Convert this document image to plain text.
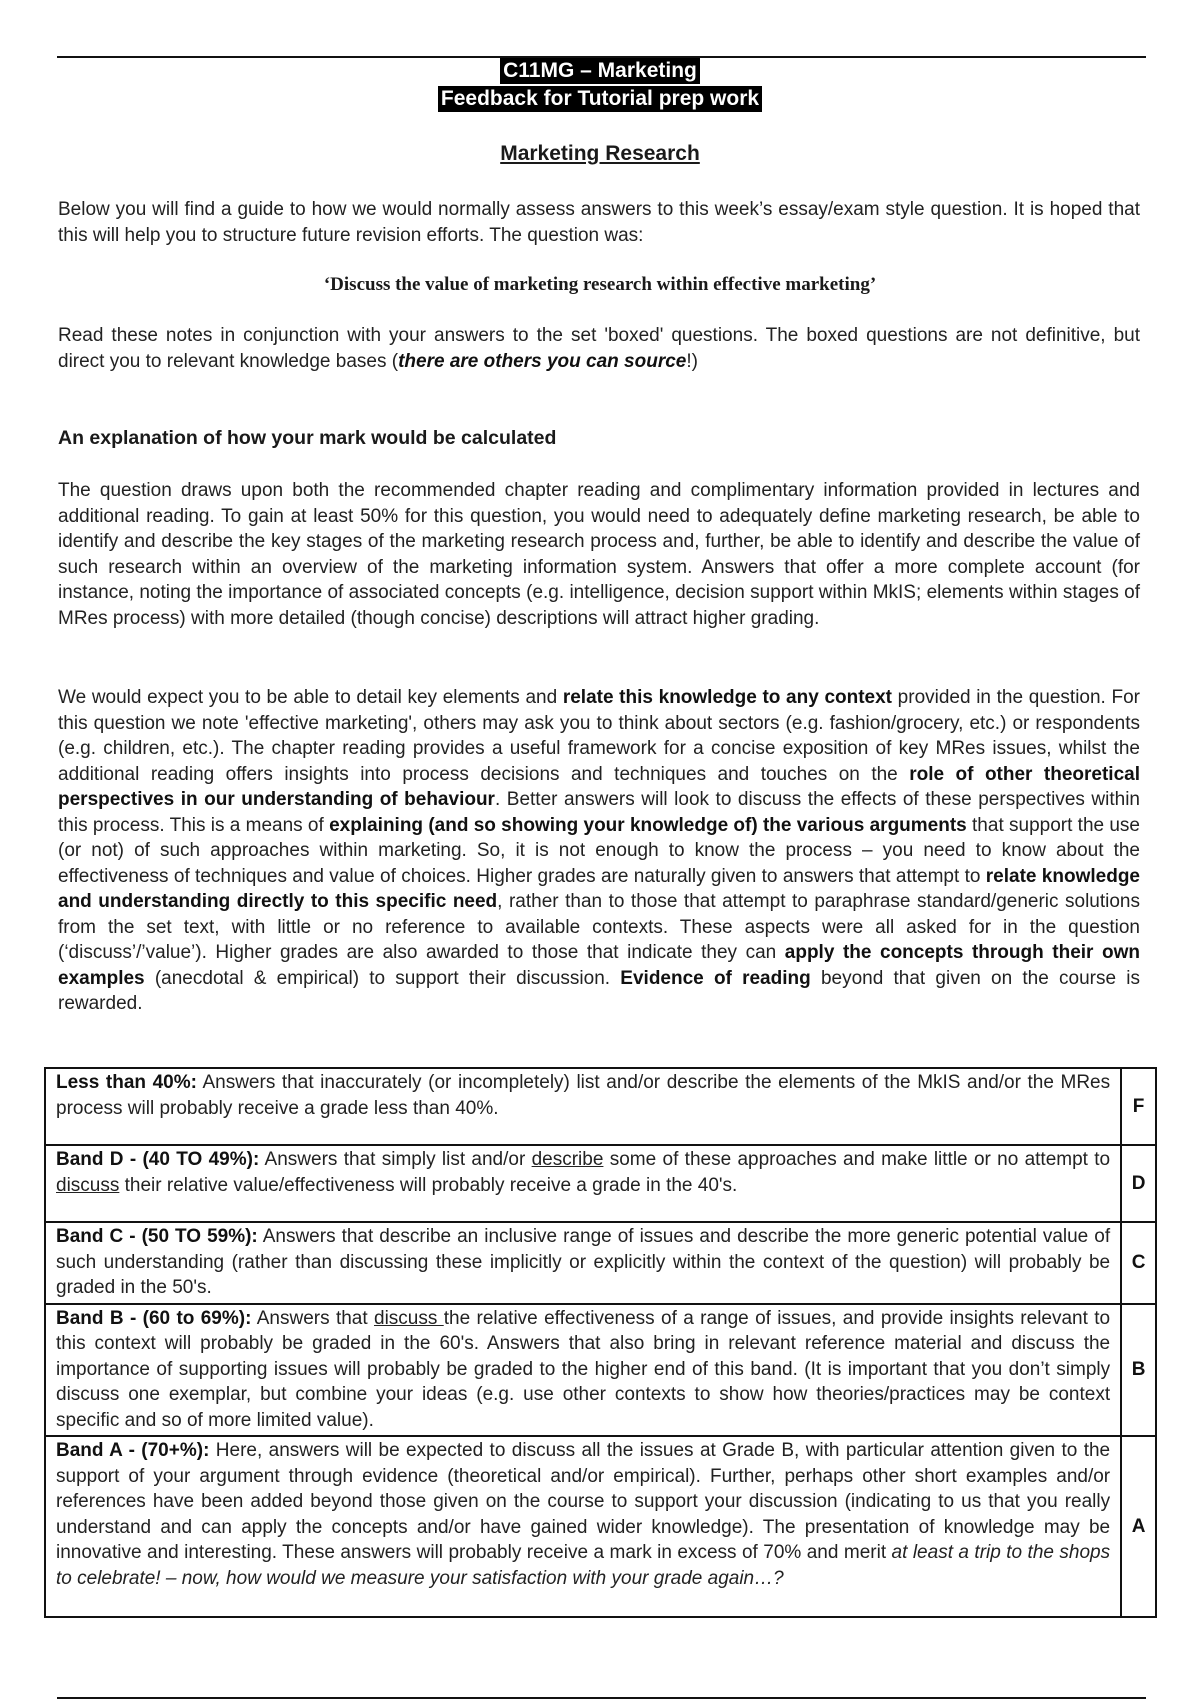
C11MG – Marketing
Feedback for Tutorial prep work
Marketing Research
Below you will find a guide to how we would normally assess answers to this week’s essay/exam style question. It is hoped that this will help you to structure future revision efforts. The question was:
‘Discuss the value of marketing research within effective marketing’
Read these notes in conjunction with your answers to the set 'boxed' questions. The boxed questions are not definitive, but direct you to relevant knowledge bases (there are others you can source!)
An explanation of how your mark would be calculated
The question draws upon both the recommended chapter reading and complimentary information provided in lectures and additional reading. To gain at least 50% for this question, you would need to adequately define marketing research, be able to identify and describe the key stages of the marketing research process and, further, be able to identify and describe the value of such research within an overview of the marketing information system. Answers that offer a more complete account (for instance, noting the importance of associated concepts (e.g. intelligence, decision support within MkIS; elements within stages of MRes process) with more detailed (though concise) descriptions will attract higher grading.
We would expect you to be able to detail key elements and relate this knowledge to any context provided in the question. For this question we note 'effective marketing', others may ask you to think about sectors (e.g. fashion/grocery, etc.) or respondents (e.g. children, etc.). The chapter reading provides a useful framework for a concise exposition of key MRes issues, whilst the additional reading offers insights into process decisions and techniques and touches on the role of other theoretical perspectives in our understanding of behaviour. Better answers will look to discuss the effects of these perspectives within this process. This is a means of explaining (and so showing your knowledge of) the various arguments that support the use (or not) of such approaches within marketing. So, it is not enough to know the process – you need to know about the effectiveness of techniques and value of choices. Higher grades are naturally given to answers that attempt to relate knowledge and understanding directly to this specific need, rather than to those that attempt to paraphrase standard/generic solutions from the set text, with little or no reference to available contexts. These aspects were all asked for in the question (‘discuss’/’value’). Higher grades are also awarded to those that indicate they can apply the concepts through their own examples (anecdotal & empirical) to support their discussion. Evidence of reading beyond that given on the course is rewarded.
Less than 40%: Answers that inaccurately (or incompletely) list and/or describe the elements of the MkIS and/or the MRes process will probably receive a grade less than 40%.	F
Band D - (40 TO 49%): Answers that simply list and/or describe some of these approaches and make little or no attempt to discuss their relative value/effectiveness will probably receive a grade in the 40's.	D
Band C - (50 TO 59%): Answers that describe an inclusive range of issues and describe the more generic potential value of such understanding (rather than discussing these implicitly or explicitly within the context of the question) will probably be graded in the 50's.	C
Band B - (60 to 69%): Answers that discuss the relative effectiveness of a range of issues, and provide insights relevant to this context will probably be graded in the 60's. Answers that also bring in relevant reference material and discuss the importance of supporting issues will probably be graded to the higher end of this band. (It is important that you don’t simply discuss one exemplar, but combine your ideas (e.g. use other contexts to show how theories/practices may be context specific and so of more limited value).	B
Band A - (70+%): Here, answers will be expected to discuss all the issues at Grade B, with particular attention given to the support of your argument through evidence (theoretical and/or empirical). Further, perhaps other short examples and/or references have been added beyond those given on the course to support your discussion (indicating to us that you really understand and can apply the concepts and/or have gained wider knowledge). The presentation of knowledge may be innovative and interesting. These answers will probably receive a mark in excess of 70% and merit at least a trip to the shops to celebrate! – now, how would we measure your satisfaction with your grade again…?	A
